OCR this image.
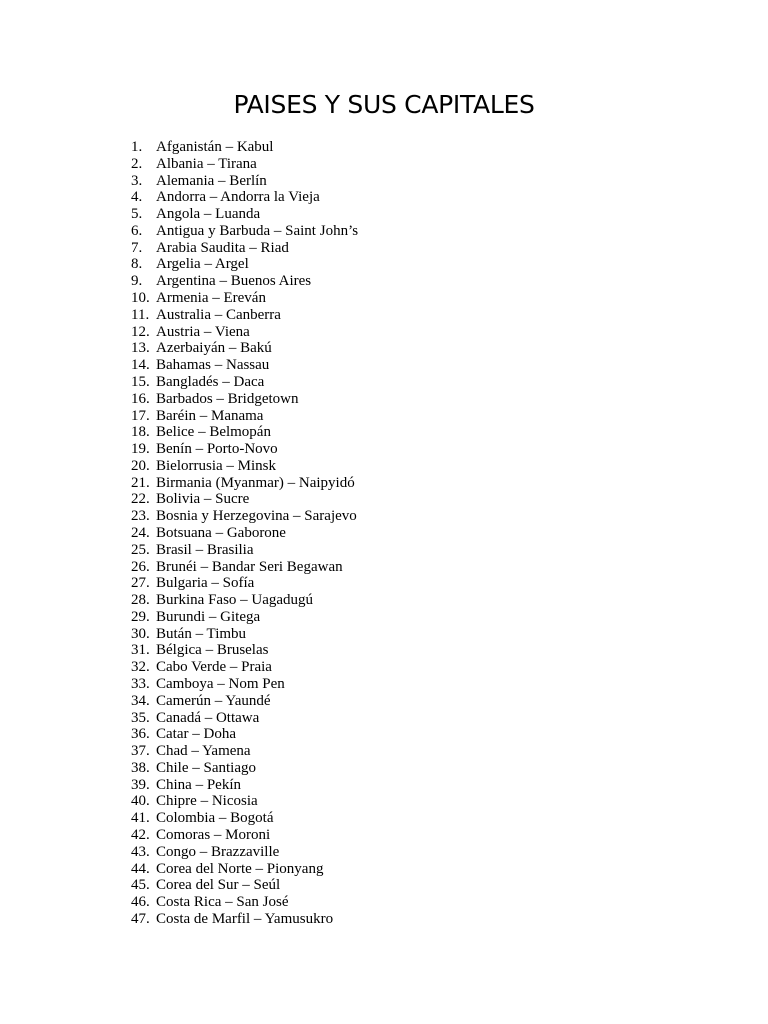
PAISES Y SUS CAPITALES
1. Afganistán – Kabul
2. Albania – Tirana
3. Alemania – Berlín
4. Andorra – Andorra la Vieja
5. Angola – Luanda
6. Antigua y Barbuda – Saint John’s
7. Arabia Saudita – Riad
8. Argelia – Argel
9. Argentina – Buenos Aires
10. Armenia – Ereván
11. Australia – Canberra
12. Austria – Viena
13. Azerbaiyán – Bakú
14. Bahamas – Nassau
15. Bangladés – Daca
16. Barbados – Bridgetown
17. Baréin – Manama
18. Belice – Belmopán
19. Benín – Porto-Novo
20. Bielorrusia – Minsk
21. Birmania (Myanmar) – Naipyidó
22. Bolivia – Sucre
23. Bosnia y Herzegovina – Sarajevo
24. Botsuana – Gaborone
25. Brasil – Brasilia
26. Brunéi – Bandar Seri Begawan
27. Bulgaria – Sofía
28. Burkina Faso – Uagadugú
29. Burundi – Gitega
30. Bután – Timbu
31. Bélgica – Bruselas
32. Cabo Verde – Praia
33. Camboya – Nom Pen
34. Camerún – Yaundé
35. Canadá – Ottawa
36. Catar – Doha
37. Chad – Yamena
38. Chile – Santiago
39. China – Pekín
40. Chipre – Nicosia
41. Colombia – Bogotá
42. Comoras – Moroni
43. Congo – Brazzaville
44. Corea del Norte – Pionyang
45. Corea del Sur – Seúl
46. Costa Rica – San José
47. Costa de Marfil – Yamusukro
